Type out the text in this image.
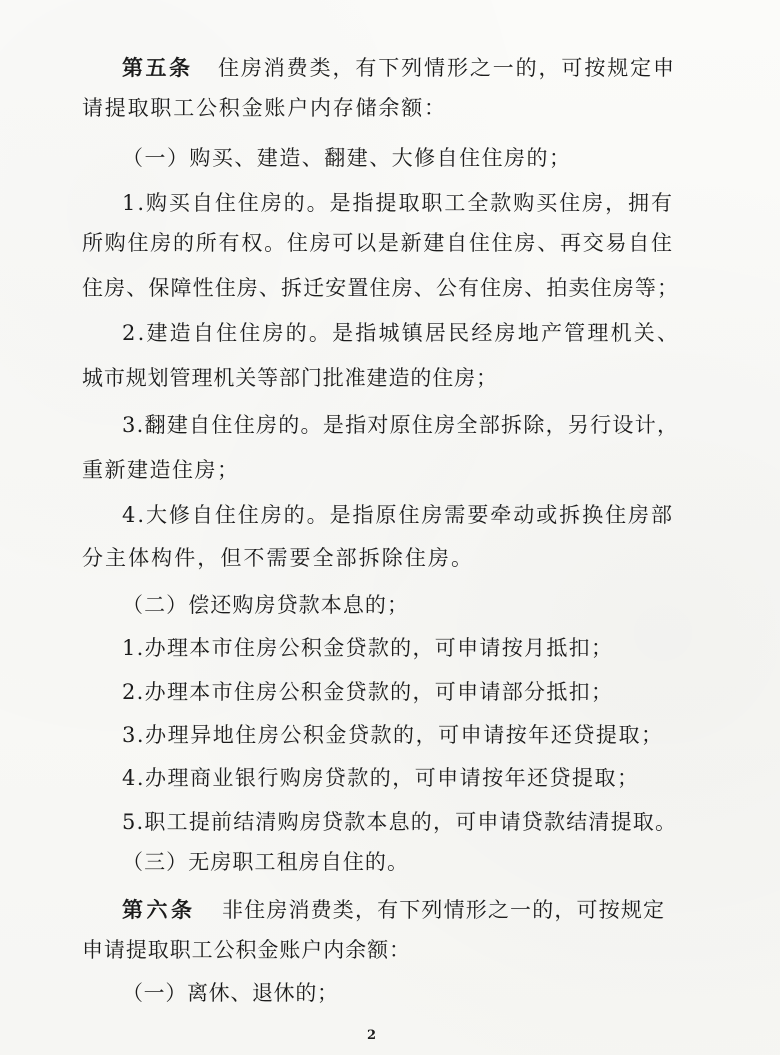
第五条 住房消费类，有下列情形之一的，可按规定申
请提取职工公积金账户内存储余额：
（一）购买、建造、翻建、大修自住住房的；
1.购买自住住房的。是指提取职工全款购买住房，拥有
所购住房的所有权。住房可以是新建自住住房、再交易自住
住房、保障性住房、拆迁安置住房、公有住房、拍卖住房等；
2.建造自住住房的。是指城镇居民经房地产管理机关、
城市规划管理机关等部门批准建造的住房；
3.翻建自住住房的。是指对原住房全部拆除，另行设计，
重新建造住房；
4.大修自住住房的。是指原住房需要牵动或拆换住房部
分主体构件，但不需要全部拆除住房。
（二）偿还购房贷款本息的；
1.办理本市住房公积金贷款的，可申请按月抵扣；
2.办理本市住房公积金贷款的，可申请部分抵扣；
3.办理异地住房公积金贷款的，可申请按年还贷提取；
4.办理商业银行购房贷款的，可申请按年还贷提取；
5.职工提前结清购房贷款本息的，可申请贷款结清提取。
（三）无房职工租房自住的。
第六条 非住房消费类，有下列情形之一的，可按规定
申请提取职工公积金账户内余额：
（一）离休、退休的；
2
